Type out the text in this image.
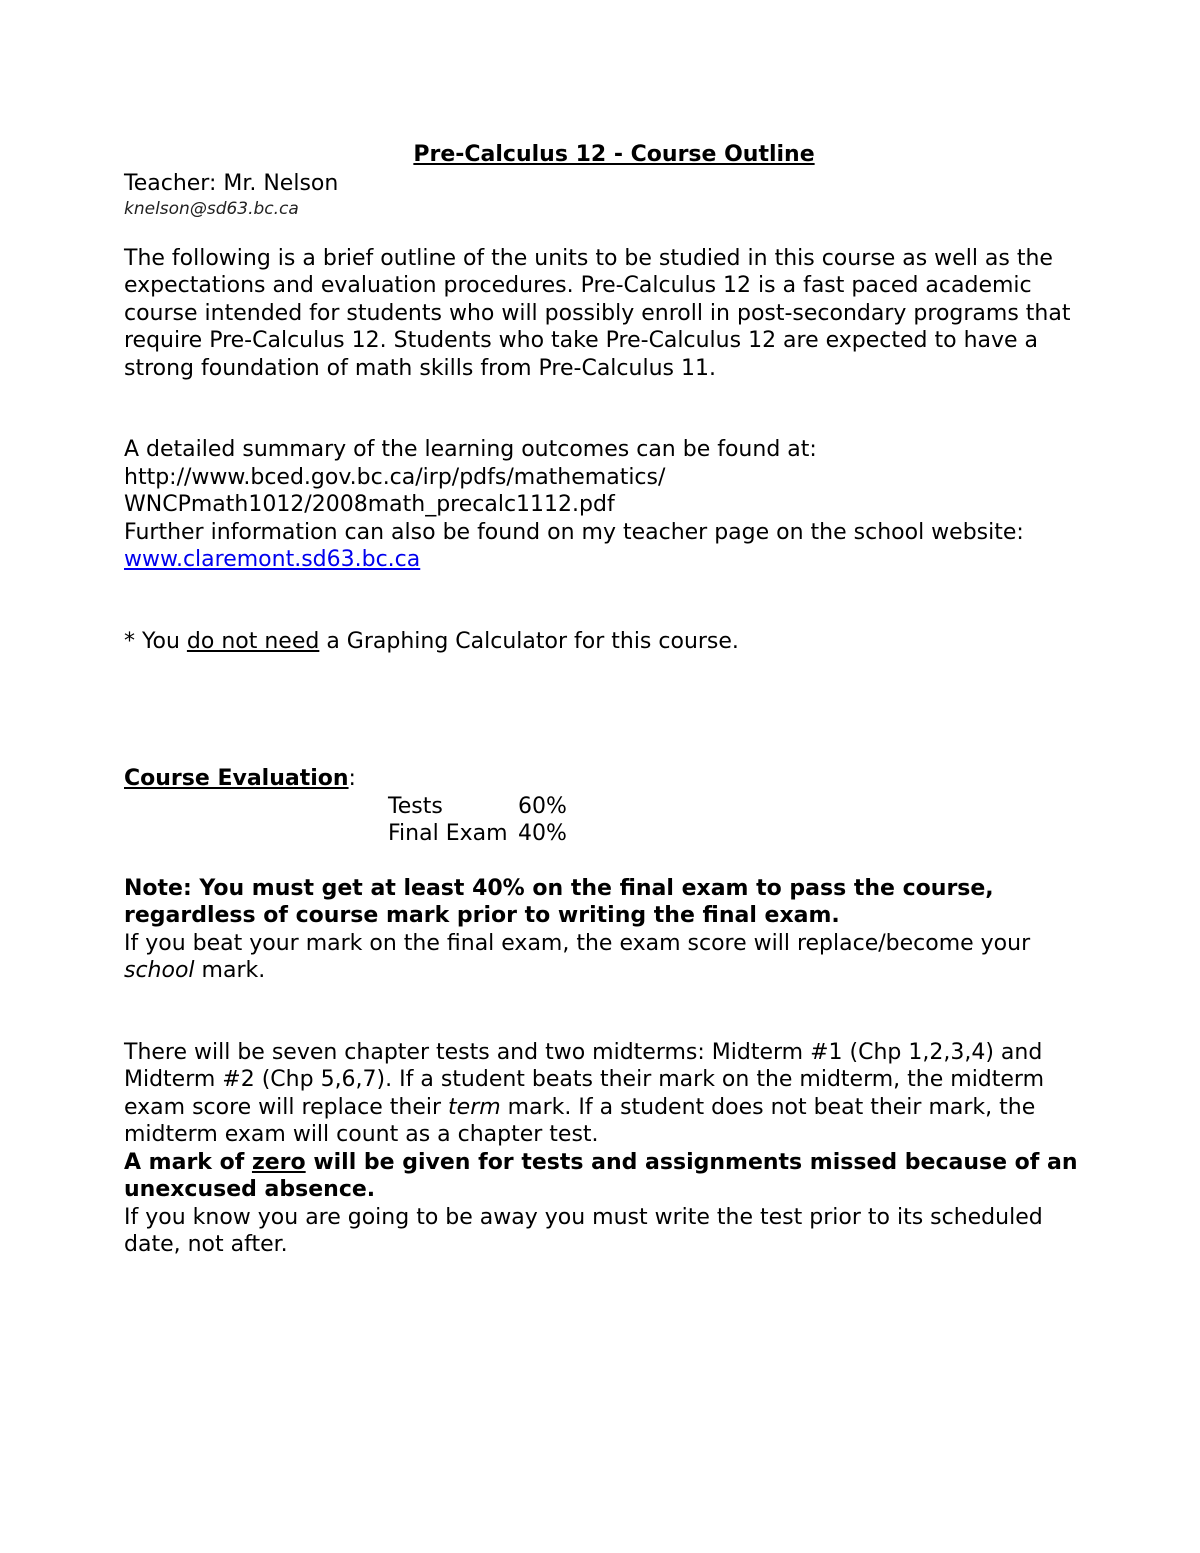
Pre-Calculus 12 - Course Outline
Teacher: Mr. Nelson
knelson@sd63.bc.ca

The following is a brief outline of the units to be studied in this course as well as the expectations and evaluation procedures. Pre-Calculus 12 is a fast paced academic course intended for students who will possibly enroll in post-secondary programs that require Pre-Calculus 12. Students who take Pre-Calculus 12 are expected to have a strong foundation of math skills from Pre-Calculus 11.

A detailed summary of the learning outcomes can be found at:
http://www.bced.gov.bc.ca/irp/pdfs/mathematics/
WNCPmath1012/2008math_precalc1112.pdf
Further information can also be found on my teacher page on the school website:
www.claremont.sd63.bc.ca
* You do not need a Graphing Calculator for this course.
Course Evaluation:
Tests	60%
Final Exam	40%

Note: You must get at least 40% on the final exam to pass the course, regardless of course mark prior to writing the final exam.

If you beat your mark on the final exam, the exam score will replace/become your school mark.

There will be seven chapter tests and two midterms: Midterm #1 (Chp 1,2,3,4) and Midterm #2 (Chp 5,6,7). If a student beats their mark on the midterm, the midterm exam score will replace their term mark. If a student does not beat their mark, the midterm exam will count as a chapter test.

A mark of zero will be given for tests and assignments missed because of an unexcused absence.

If you know you are going to be away you must write the test prior to its scheduled date, not after.
